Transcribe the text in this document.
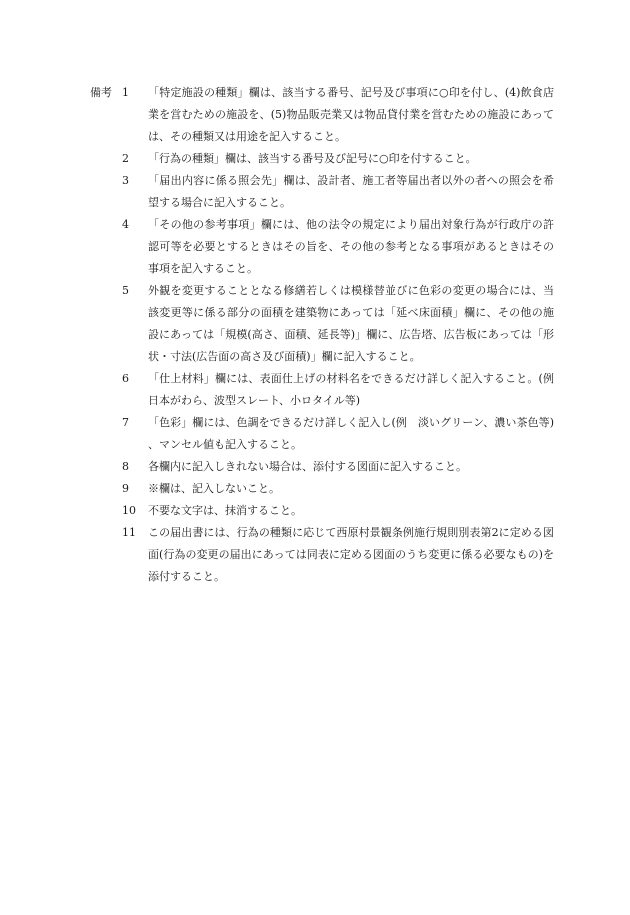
備考 1	「特定施設の種類」欄は、該当する番号、記号及び事項に○印を付し、(4)飲食店業を営むための施設を、(5)物品販売業又は物品貸付業を営むための施設にあっては、その種類又は用途を記入すること。
2	「行為の種類」欄は、該当する番号及び記号に○印を付すること。
3	「届出内容に係る照会先」欄は、設計者、施工者等届出者以外の者への照会を希望する場合に記入すること。
4	「その他の参考事項」欄には、他の法令の規定により届出対象行為が行政庁の許認可等を必要とするときはその旨を、その他の参考となる事項があるときはその事項を記入すること。
5	外観を変更することとなる修繕若しくは模様替並びに色彩の変更の場合には、当該変更等に係る部分の面積を建築物にあっては「延べ床面積」欄に、その他の施設にあっては「規模(高さ、面積、延長等)」欄に、広告塔、広告板にあっては「形状・寸法(広告面の高さ及び面積)」欄に記入すること。
6	「仕上材料」欄には、表面仕上げの材料名をできるだけ詳しく記入すること。(例　日本がわら、波型スレート、小ロタイル等)
7	「色彩」欄には、色調をできるだけ詳しく記入し(例　淡いグリーン、濃い茶色等)、マンセル値も記入すること。
8	各欄内に記入しきれない場合は、添付する図面に記入すること。
9	※欄は、記入しないこと。
10	不要な文字は、抹消すること。
11	この届出書には、行為の種類に応じて西原村景観条例施行規則別表第2に定める図面(行為の変更の届出にあっては同表に定める図面のうち変更に係る必要なもの)を添付すること。
